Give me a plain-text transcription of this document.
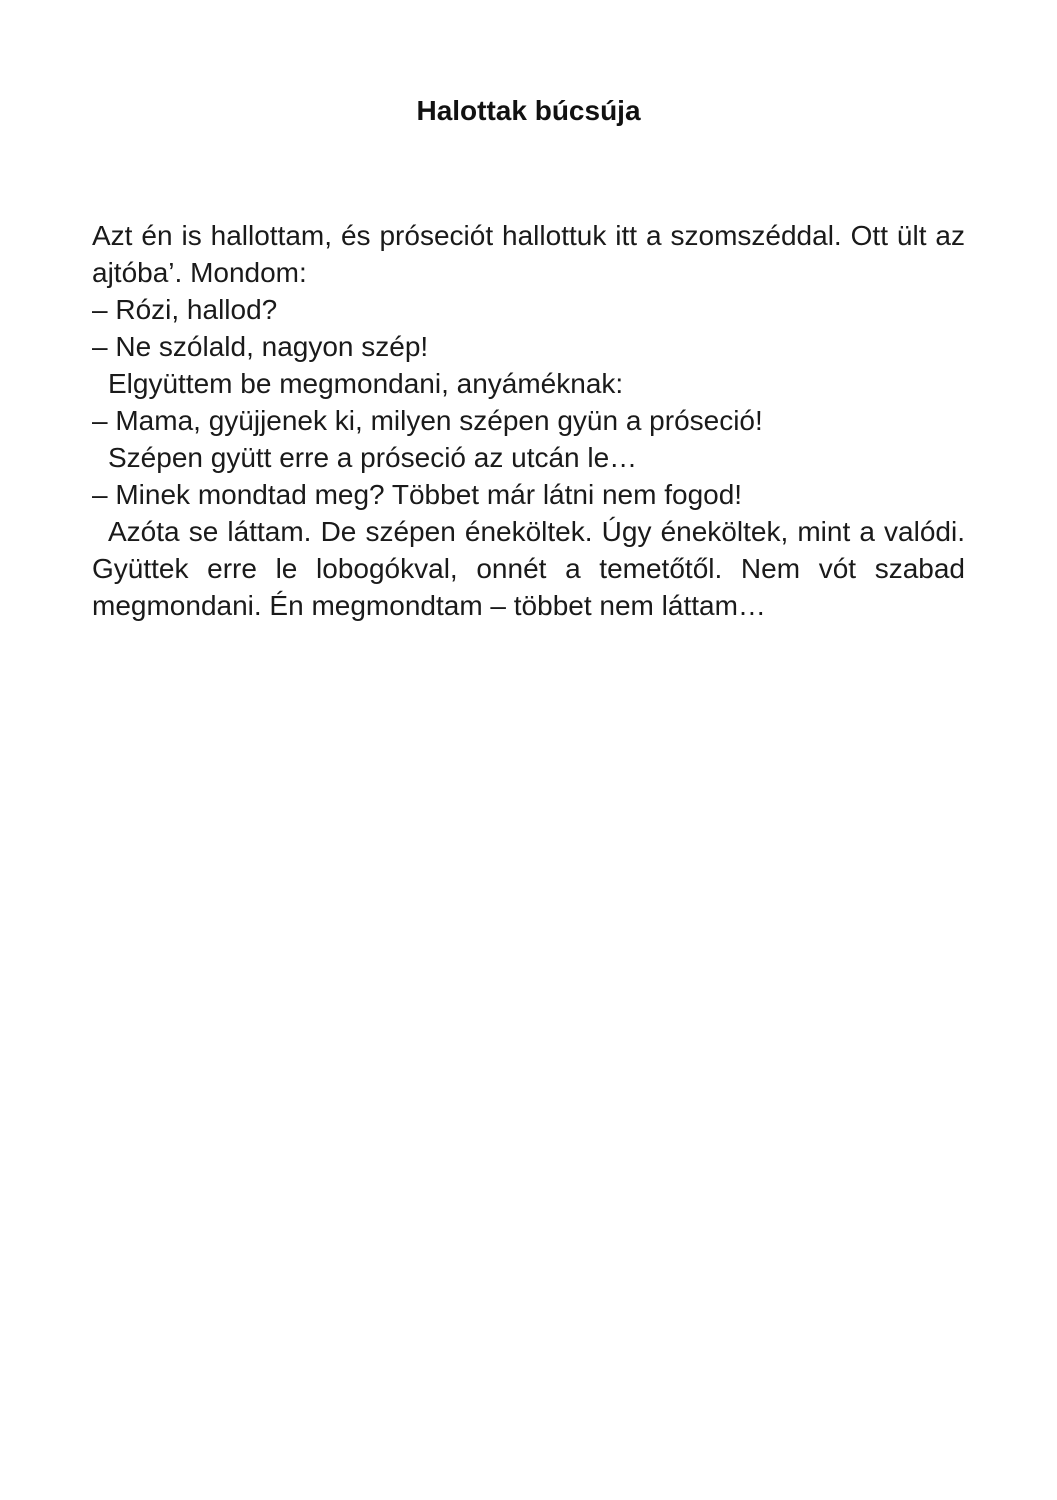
Halottak búcsúja
Azt én is hallottam, és próseciót hallottuk itt a szomszéddal. Ott ült az
ajtóba’. Mondom:
– Rózi, hallod?
– Ne szólald, nagyon szép!
Elgyüttem be megmondani, anyáméknak:
– Mama, gyüjjenek ki, milyen szépen gyün a próseció!
Szépen gyütt erre a próseció az utcán le…
– Minek mondtad meg? Többet már látni nem fogod!
Azóta se láttam. De szépen éneköltek. Úgy éneköltek, mint a valódi.
Gyüttek erre le lobogókval, onnét a temetőtől. Nem vót szabad
megmondani. Én megmondtam – többet nem láttam…
